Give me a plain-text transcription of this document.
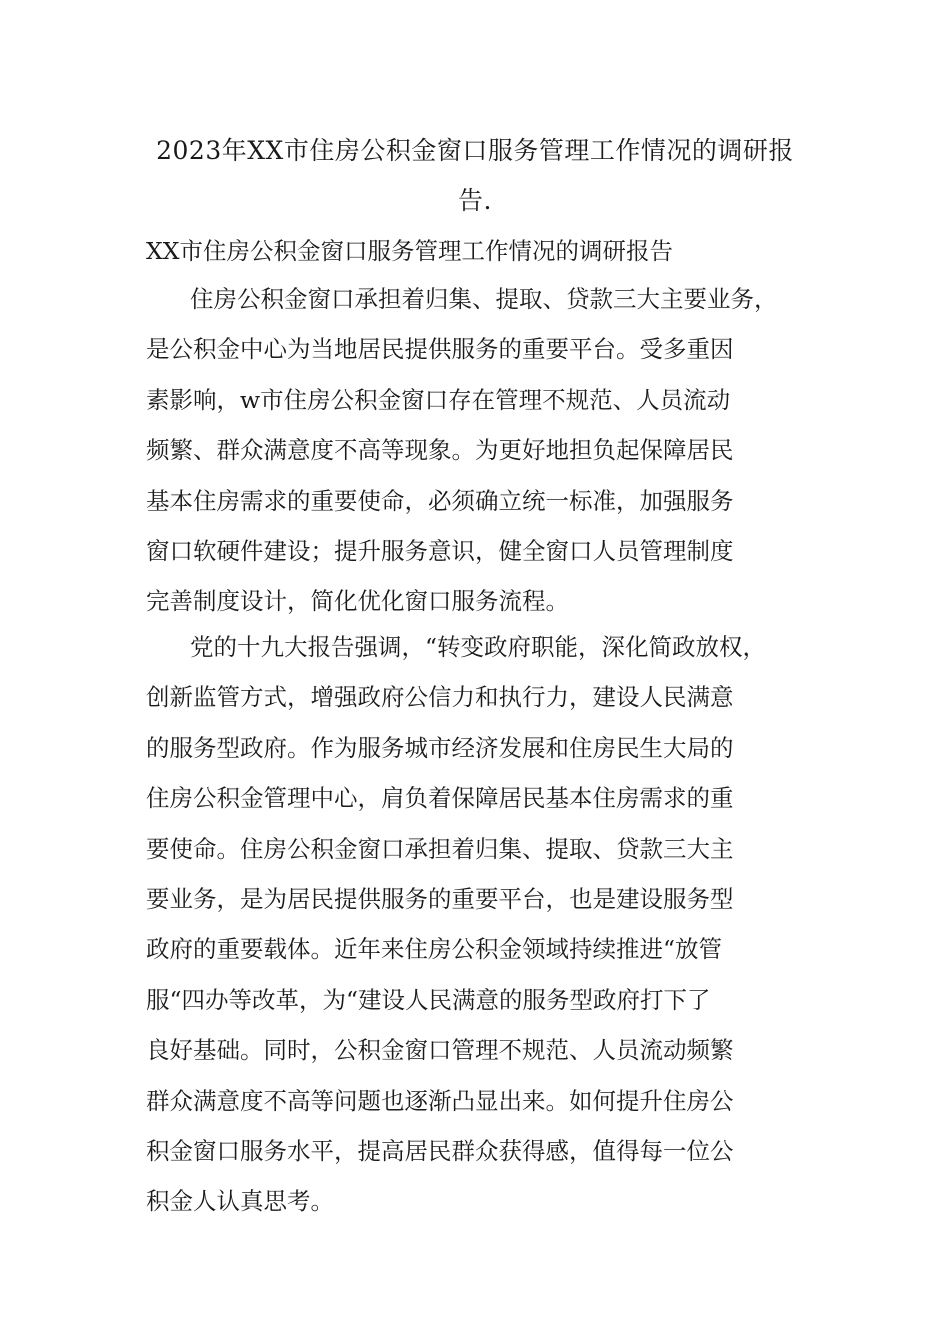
2023年XX市住房公积金窗口服务管理工作情况的调研报
告.
XX市住房公积金窗口服务管理工作情况的调研报告

住房公积金窗口承担着归集、提取、贷款三大主要业务，
是公积金中心为当地居民提供服务的重要平台。受多重因
素影响，w市住房公积金窗口存在管理不规范、人员流动
频繁、群众满意度不高等现象。为更好地担负起保障居民
基本住房需求的重要使命，必须确立统一标准，加强服务
窗口软硬件建设；提升服务意识，健全窗口人员管理制度
完善制度设计，简化优化窗口服务流程。

党的十九大报告强调，“转变政府职能，深化简政放权，
创新监管方式，增强政府公信力和执行力，建设人民满意
的服务型政府。作为服务城市经济发展和住房民生大局的
住房公积金管理中心，肩负着保障居民基本住房需求的重
要使命。住房公积金窗口承担着归集、提取、贷款三大主
要业务，是为居民提供服务的重要平台，也是建设服务型
政府的重要载体。近年来住房公积金领域持续推进“放管
服“四办等改革，为“建设人民满意的服务型政府打下了
良好基础。同时，公积金窗口管理不规范、人员流动频繁
群众满意度不高等问题也逐渐凸显出来。如何提升住房公
积金窗口服务水平，提高居民群众获得感，值得每一位公
积金人认真思考。
